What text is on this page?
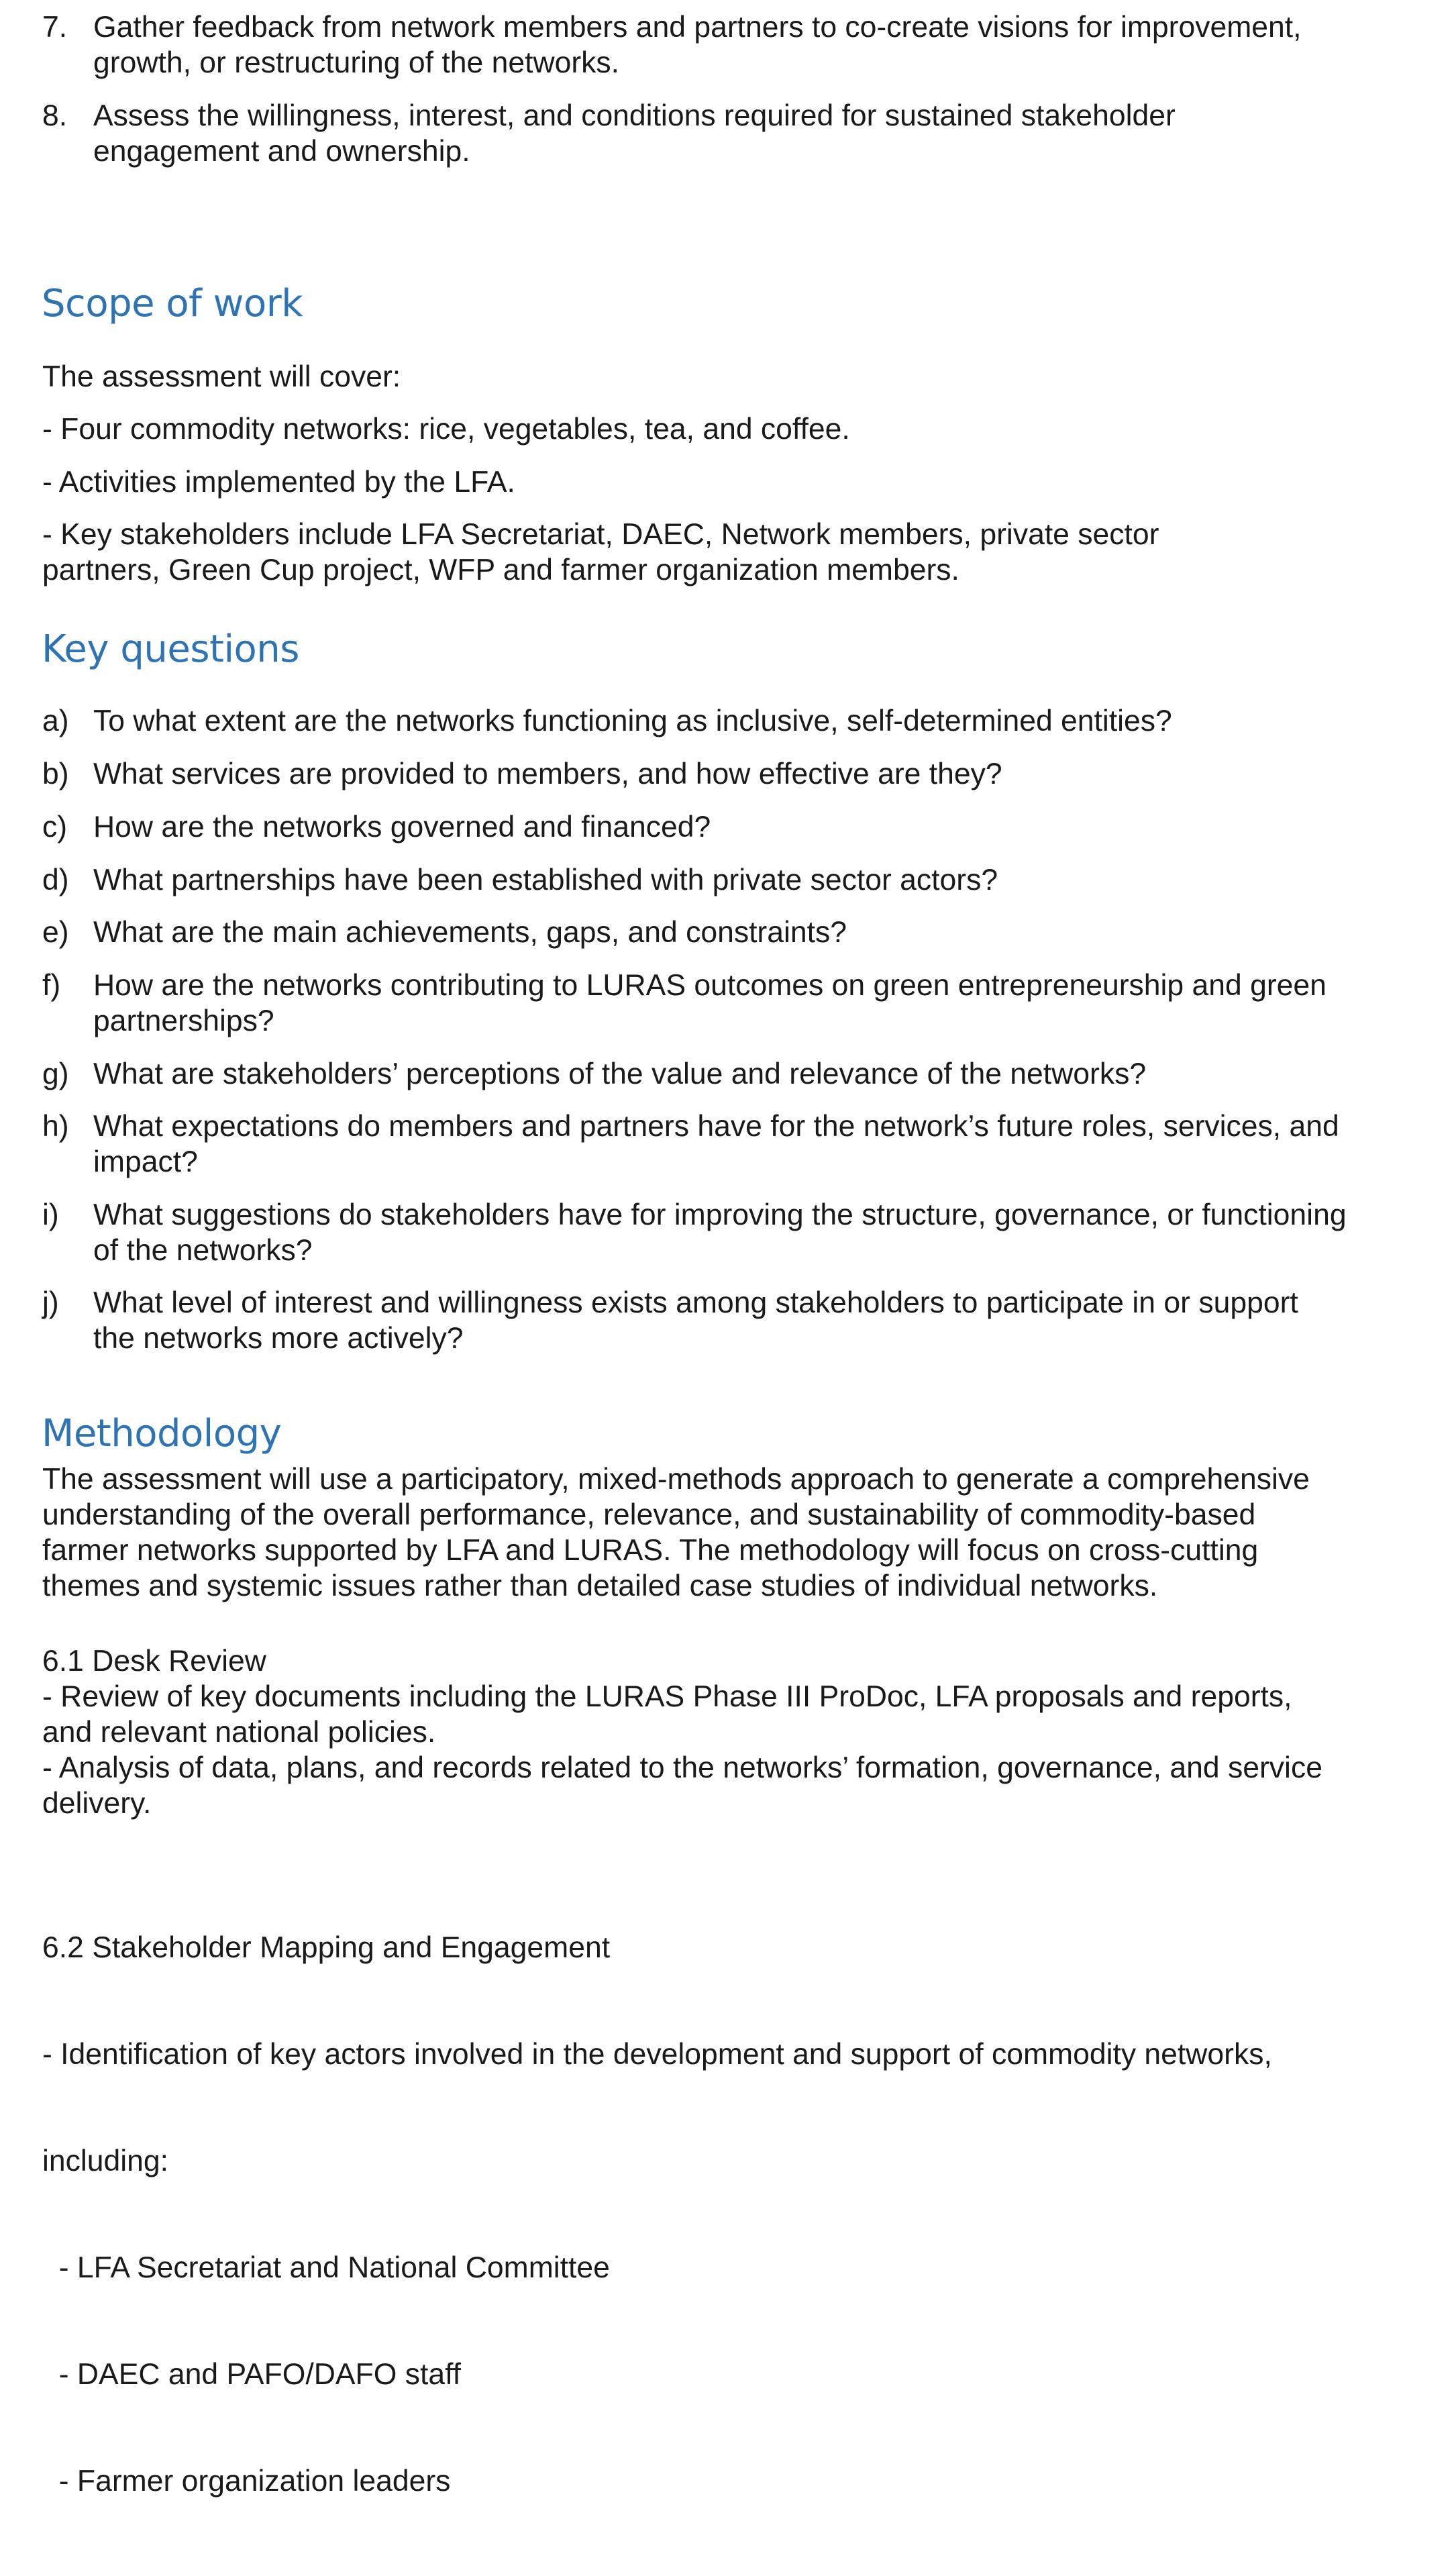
7. Gather feedback from network members and partners to co-create visions for improvement,
growth, or restructuring of the networks.
8. Assess the willingness, interest, and conditions required for sustained stakeholder
engagement and ownership.
Scope of work

The assessment will cover:

- Four commodity networks: rice, vegetables, tea, and coffee.

- Activities implemented by the LFA.

- Key stakeholders include LFA Secretariat, DAEC, Network members, private sector
partners, Green Cup project, WFP and farmer organization members.
Key questions
a) To what extent are the networks functioning as inclusive, self-determined entities?
b) What services are provided to members, and how effective are they?
c) How are the networks governed and financed?
d) What partnerships have been established with private sector actors?
e) What are the main achievements, gaps, and constraints?
f) How are the networks contributing to LURAS outcomes on green entrepreneurship and green
partnerships?
g) What are stakeholders’ perceptions of the value and relevance of the networks?
h) What expectations do members and partners have for the network’s future roles, services, and
impact?
i) What suggestions do stakeholders have for improving the structure, governance, or functioning
of the networks?
j) What level of interest and willingness exists among stakeholders to participate in or support
the networks more actively?
Methodology
The assessment will use a participatory, mixed-methods approach to generate a comprehensive
understanding of the overall performance, relevance, and sustainability of commodity-based
farmer networks supported by LFA and LURAS. The methodology will focus on cross-cutting
themes and systemic issues rather than detailed case studies of individual networks.
6.1 Desk Review
- Review of key documents including the LURAS Phase III ProDoc, LFA proposals and reports,
and relevant national policies.
- Analysis of data, plans, and records related to the networks’ formation, governance, and service
delivery.

6.2 Stakeholder Mapping and Engagement

- Identification of key actors involved in the development and support of commodity networks,

including:

- LFA Secretariat and National Committee

- DAEC and PAFO/DAFO staff

- Farmer organization leaders
